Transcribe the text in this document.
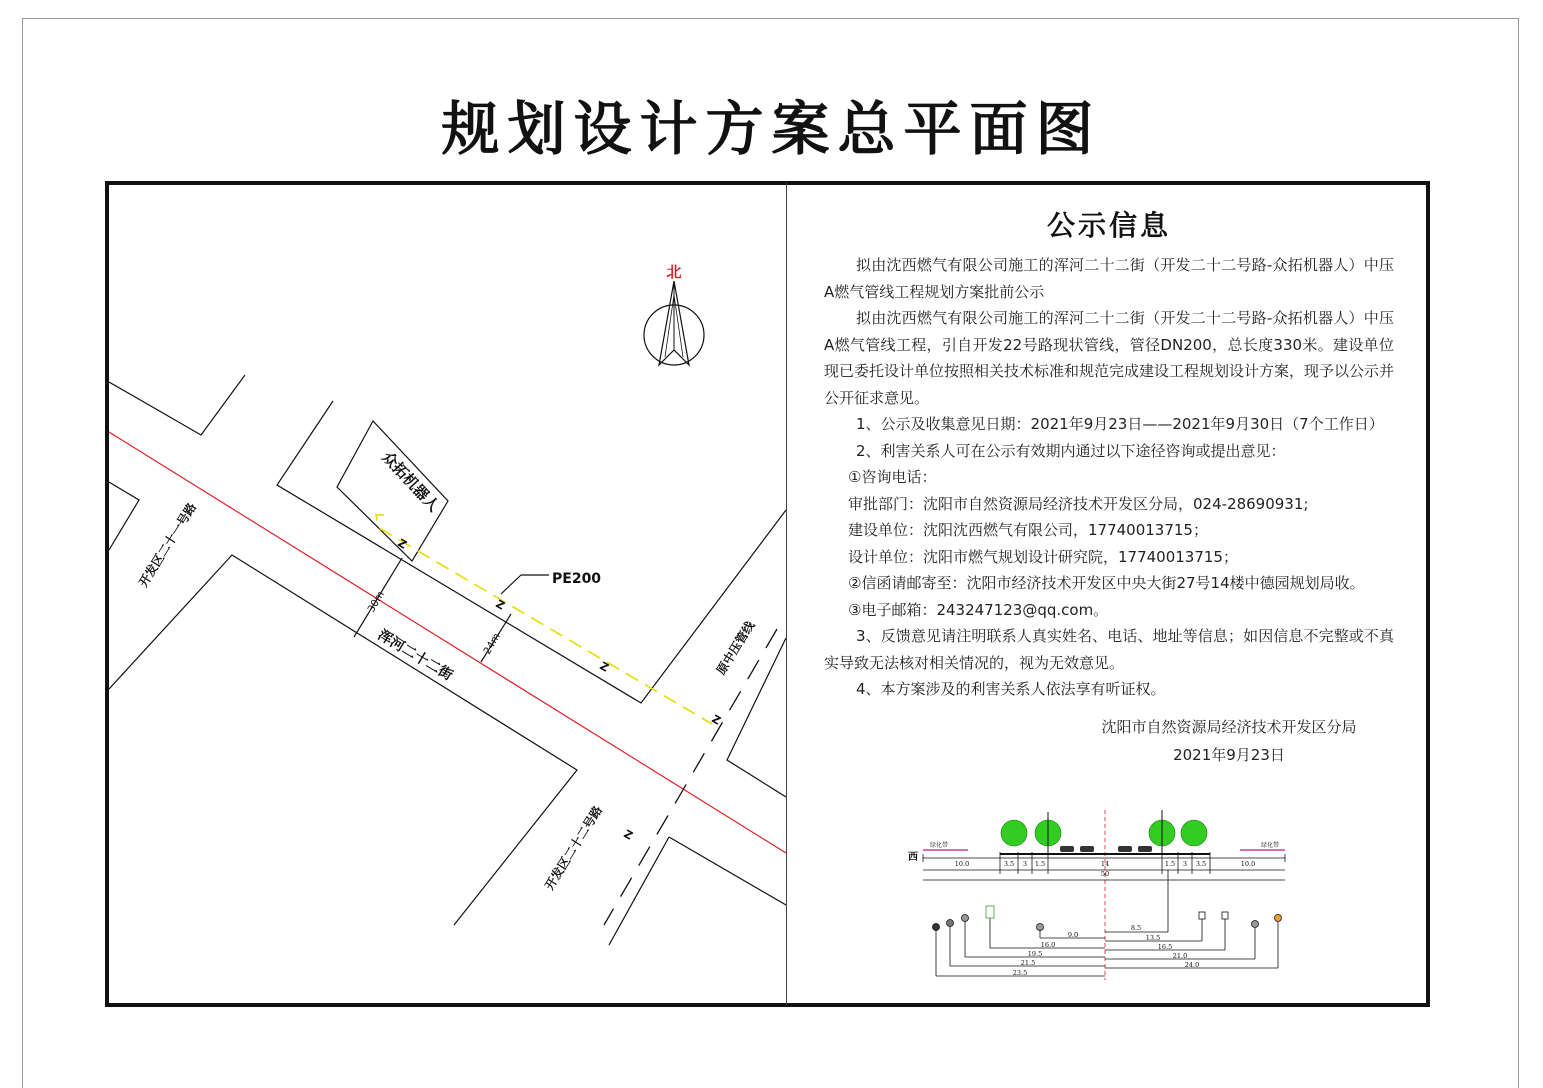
规划设计方案总平面图
Z
Z
Z
Z
Z
北
众拓机器人
PE200
30m
24m
浑河二十二街
开发区二十一号路
开发区二十二号路
原中压管线
公示信息

拟由沈西燃气有限公司施工的浑河二十二街（开发二十二号路-众拓机器人）中压A燃气管线工程规划方案批前公示

拟由沈西燃气有限公司施工的浑河二十二街（开发二十二号路-众拓机器人）中压A燃气管线工程，引自开发22号路现状管线，管径DN200，总长度330米。建设单位现已委托设计单位按照相关技术标准和规范完成建设工程规划设计方案，现予以公示并公开征求意见。

1、公示及收集意见日期：2021年9月23日——2021年9月30日（7个工作日）

2、利害关系人可在公示有效期内通过以下途径咨询或提出意见：

①咨询电话：

审批部门：沈阳市自然资源局经济技术开发区分局，024-28690931;

建设单位：沈阳沈西燃气有限公司，17740013715；

设计单位：沈阳市燃气规划设计研究院，17740013715；

②信函请邮寄至：沈阳市经济技术开发区中央大街27号14楼中德园规划局收。

③电子邮箱：243247123@qq.com。

3、反馈意见请注明联系人真实姓名、电话、地址等信息；如因信息不完整或不真实导致无法核对相关情况的，视为无效意见。

4、本方案涉及的利害关系人依法享有听证权。

沈阳市自然资源局经济技术开发区分局

2021年9月23日

西
绿化带	绿化带
10.0	3.5 3 1.5	14	1.5 3 3.5	10.0
50
8.5
9.0	13.5
16.0	16.5
19.5	21.0
21.5	24.0
23.5
